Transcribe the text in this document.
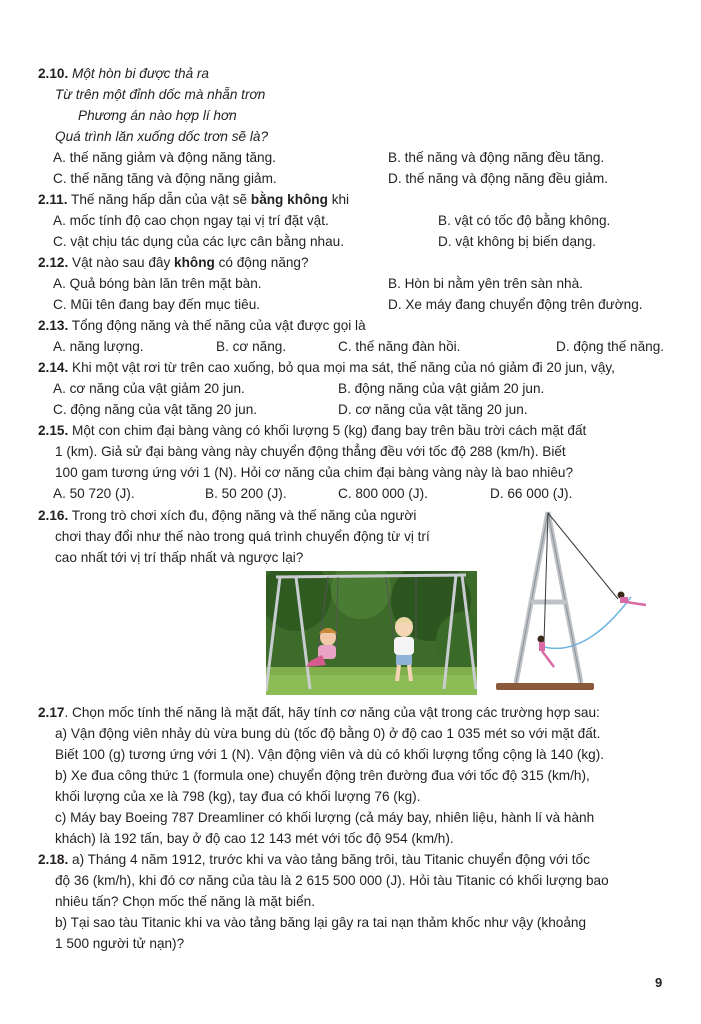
2.10. Một hòn bi được thả ra
Từ trên một đỉnh dốc mà nhẵn trơn
Phương án nào hợp lí hơn
Quá trình lăn xuống dốc trơn sẽ là?
A. thế năng giảm và động năng tăng.	B. thế năng và động năng đều tăng.
C. thế năng tăng và động năng giảm.	D. thế năng và động năng đều giảm.
2.11. Thế năng hấp dẫn của vật sẽ bằng không khi
A. mốc tính độ cao chọn ngay tại vị trí đặt vật.	B. vật có tốc độ bằng không.
C. vật chịu tác dụng của các lực cân bằng nhau.	D. vật không bị biến dạng.
2.12. Vật nào sau đây không có động năng?
A. Quả bóng bàn lăn trên mặt bàn.	B. Hòn bi nằm yên trên sàn nhà.
C. Mũi tên đang bay đến mục tiêu.	D. Xe máy đang chuyển động trên đường.
2.13. Tổng động năng và thế năng của vật được gọi là
A. năng lượng.	B. cơ năng.	C. thế năng đàn hồi.	D. động thế năng.
2.14. Khi một vật rơi từ trên cao xuống, bỏ qua mọi ma sát, thế năng của nó giảm đi 20 jun, vậy,
A. cơ năng của vật giảm 20 jun.	B. động năng của vật giảm 20 jun.
C. động năng của vật tăng 20 jun.	D. cơ năng của vật tăng 20 jun.
2.15. Một con chim đại bàng vàng có khối lượng 5 (kg) đang bay trên bầu trời cách mặt đất
1 (km). Giả sử đại bàng vàng này chuyển động thẳng đều với tốc độ 288 (km/h). Biết
100 gam tương ứng với 1 (N). Hỏi cơ năng của chim đại bàng vàng này là bao nhiêu?
A. 50 720 (J).	B. 50 200 (J).	C. 800 000 (J).	D. 66 000 (J).
2.16. Trong trò chơi xích đu, động năng và thế năng của người
chơi thay đổi như thế nào trong quá trình chuyển động từ vị trí
cao nhất tới vị trí thấp nhất và ngược lại?
2.17. Chọn mốc tính thế năng là mặt đất, hãy tính cơ năng của vật trong các trường hợp sau:
a) Vận động viên nhảy dù vừa bung dù (tốc độ bằng 0) ở độ cao 1 035 mét so với mặt đất.
Biết 100 (g) tương ứng với 1 (N). Vận động viên và dù có khối lượng tổng cộng là 140 (kg).
b) Xe đua công thức 1 (formula one) chuyển động trên đường đua với tốc độ 315 (km/h),
khối lượng của xe là 798 (kg), tay đua có khối lượng 76 (kg).
c) Máy bay Boeing 787 Dreamliner có khối lượng (cả máy bay, nhiên liệu, hành lí và hành
khách) là 192 tấn, bay ở độ cao 12 143 mét với tốc độ 954 (km/h).
2.18. a) Tháng 4 năm 1912, trước khi va vào tảng băng trôi, tàu Titanic chuyển động với tốc
độ 36 (km/h), khi đó cơ năng của tàu là 2 615 500 000 (J). Hỏi tàu Titanic có khối lượng bao
nhiêu tấn? Chọn mốc thế năng là mặt biển.
b) Tại sao tàu Titanic khi va vào tảng băng lại gây ra tai nạn thảm khốc như vậy (khoảng
1 500 người tử nạn)?
9
